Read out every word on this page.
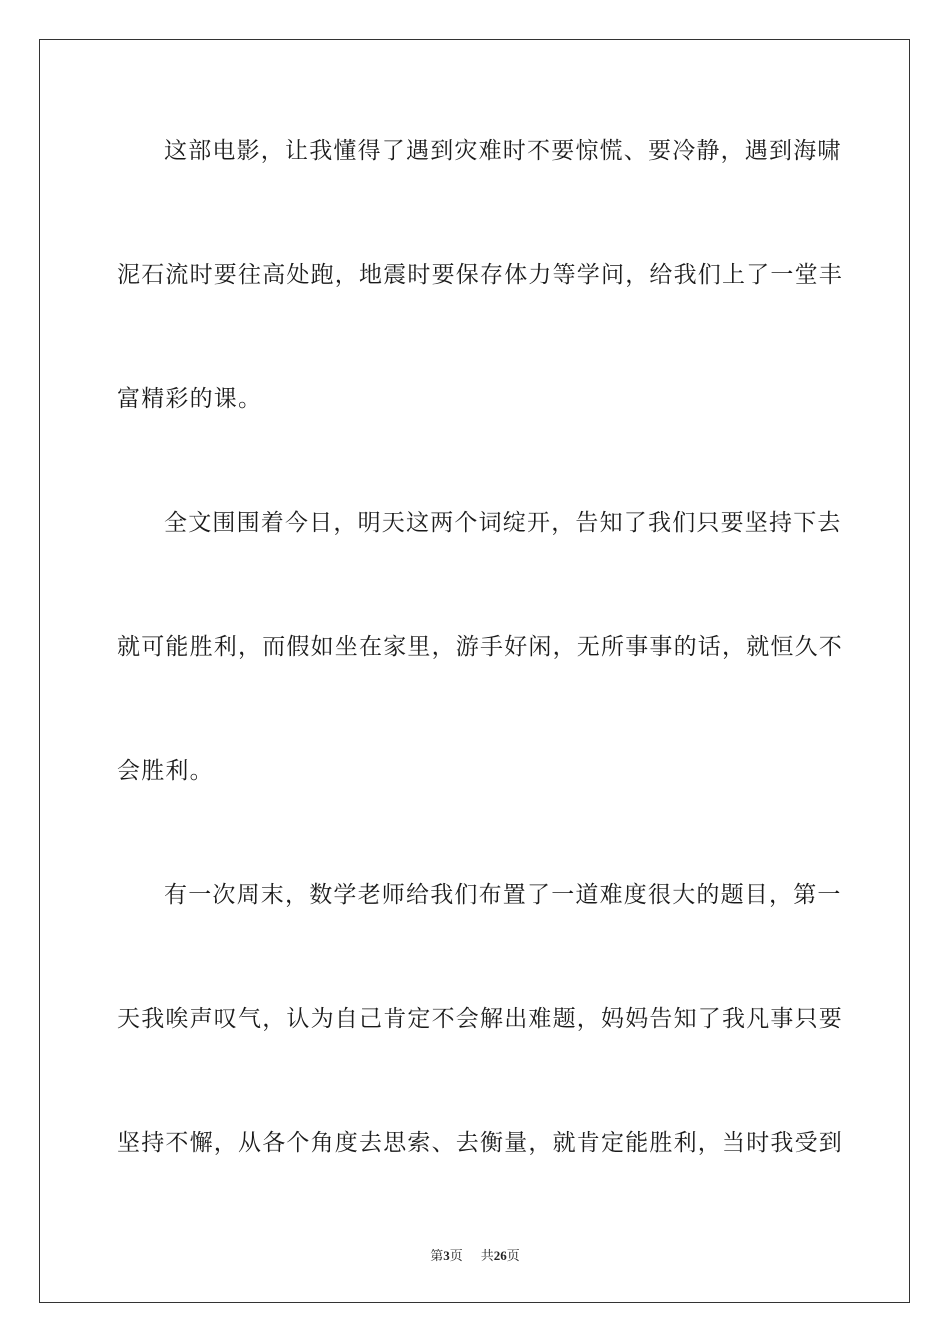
这部电影，让我懂得了遇到灾难时不要惊慌、要冷静，遇到海啸
泥石流时要往高处跑，地震时要保存体力等学问，给我们上了一堂丰
富精彩的课。
全文围围着今日，明天这两个词绽开，告知了我们只要坚持下去
就可能胜利，而假如坐在家里，游手好闲，无所事事的话，就恒久不
会胜利。
有一次周末，数学老师给我们布置了一道难度很大的题目，第一
天我唉声叹气，认为自己肯定不会解出难题，妈妈告知了我凡事只要
坚持不懈，从各个角度去思索、去衡量，就肯定能胜利，当时我受到
第3页 共26页
